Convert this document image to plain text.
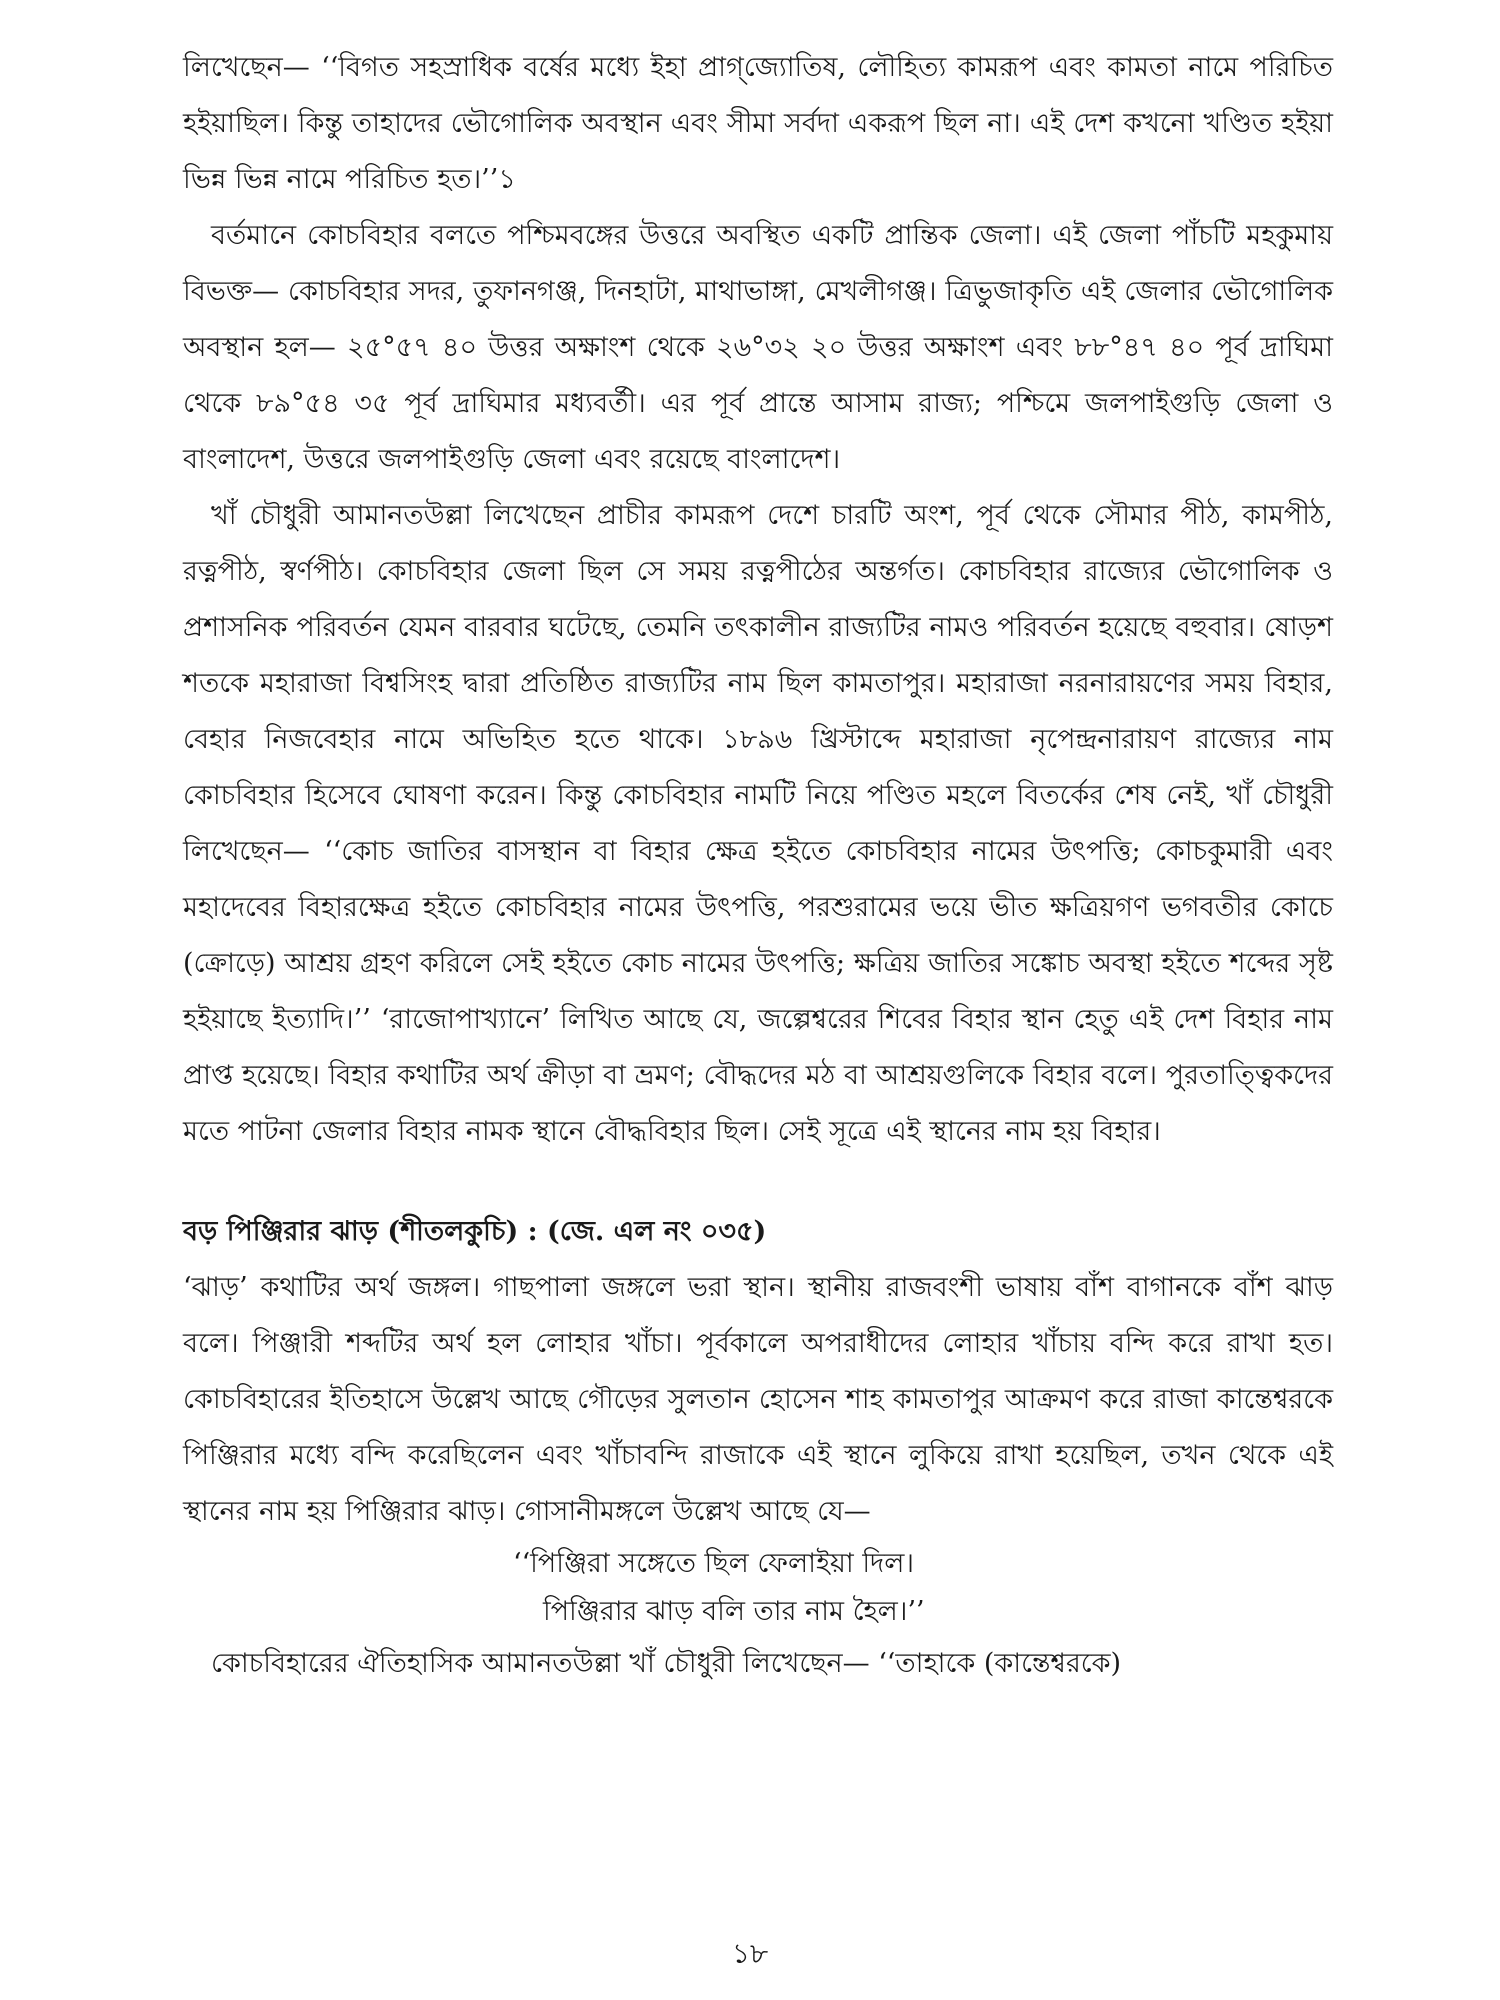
লিখেছেন— ‘‘বিগত সহস্রাধিক বর্ষের মধ্যে ইহা প্রাগ্‌জ্যোতিষ, লৌহিত্য কামরূপ এবং কামতা নামে পরিচিত হইয়াছিল। কিন্তু তাহাদের ভৌগোলিক অবস্থান এবং সীমা সর্বদা একরূপ ছিল না। এই দেশ কখনো খণ্ডিত হইয়া ভিন্ন ভিন্ন নামে পরিচিত হত।’’১

বর্তমানে কোচবিহার বলতে পশ্চিমবঙ্গের উত্তরে অবস্থিত একটি প্রান্তিক জেলা। এই জেলা পাঁচটি মহকুমায় বিভক্ত— কোচবিহার সদর, তুফানগঞ্জ, দিনহাটা, মাথাভাঙ্গা, মেখলীগঞ্জ। ত্রিভুজাকৃতি এই জেলার ভৌগোলিক অবস্থান হল— ২৫°৫৭ ৪০ উত্তর অক্ষাংশ থেকে ২৬°৩২ ২০ উত্তর অক্ষাংশ এবং ৮৮°৪৭ ৪০ পূর্ব দ্রাঘিমা থেকে ৮৯°৫৪ ৩৫ পূর্ব দ্রাঘিমার মধ্যবর্তী। এর পূর্ব প্রান্তে আসাম রাজ্য; পশ্চিমে জলপাইগুড়ি জেলা ও বাংলাদেশ, উত্তরে জলপাইগুড়ি জেলা এবং রয়েছে বাংলাদেশ।

খাঁ চৌধুরী আমানতউল্লা লিখেছেন প্রাচীর কামরূপ দেশে চারটি অংশ, পূর্ব থেকে সৌমার পীঠ, কামপীঠ, রত্নপীঠ, স্বর্ণপীঠ। কোচবিহার জেলা ছিল সে সময় রত্নপীঠের অন্তর্গত। কোচবিহার রাজ্যের ভৌগোলিক ও প্রশাসনিক পরিবর্তন যেমন বারবার ঘটেছে, তেমনি তৎকালীন রাজ্যটির নামও পরিবর্তন হয়েছে বহুবার। ষোড়শ শতকে মহারাজা বিশ্বসিংহ দ্বারা প্রতিষ্ঠিত রাজ্যটির নাম ছিল কামতাপুর। মহারাজা নরনারায়ণের সময় বিহার, বেহার নিজবেহার নামে অভিহিত হতে থাকে। ১৮৯৬ খ্রিস্টাব্দে মহারাজা নৃপেন্দ্রনারায়ণ রাজ্যের নাম কোচবিহার হিসেবে ঘোষণা করেন। কিন্তু কোচবিহার নামটি নিয়ে পণ্ডিত মহলে বিতর্কের শেষ নেই, খাঁ চৌধুরী লিখেছেন— ‘‘কোচ জাতির বাসস্থান বা বিহার ক্ষেত্র হইতে কোচবিহার নামের উৎপত্তি; কোচকুমারী এবং মহাদেবের বিহারক্ষেত্র হইতে কোচবিহার নামের উৎপত্তি, পরশুরামের ভয়ে ভীত ক্ষত্রিয়গণ ভগবতীর কোচে (ক্রোড়ে) আশ্রয় গ্রহণ করিলে সেই হইতে কোচ নামের উৎপত্তি; ক্ষত্রিয় জাতির সঙ্কোচ অবস্থা হইতে শব্দের সৃষ্ট হইয়াছে ইত্যাদি।’’ ‘রাজোপাখ্যানে’ লিখিত আছে যে, জল্পেশ্বরের শিবের বিহার স্থান হেতু এই দেশ বিহার নাম প্রাপ্ত হয়েছে। বিহার কথাটির অর্থ ক্রীড়া বা ভ্রমণ; বৌদ্ধদের মঠ বা আশ্রয়গুলিকে বিহার বলে। পুরতাত্ত্বিকদের মতে পাটনা জেলার বিহার নামক স্থানে বৌদ্ধবিহার ছিল। সেই সূত্রে এই স্থানের নাম হয় বিহার।

বড় পিঞ্জিরার ঝাড় (শীতলকুচি) : (জে. এল নং ০৩৫)

‘ঝাড়’ কথাটির অর্থ জঙ্গল। গাছপালা জঙ্গলে ভরা স্থান। স্থানীয় রাজবংশী ভাষায় বাঁশ বাগানকে বাঁশ ঝাড় বলে। পিঞ্জারী শব্দটির অর্থ হল লোহার খাঁচা। পূর্বকালে অপরাধীদের লোহার খাঁচায় বন্দি করে রাখা হত। কোচবিহারের ইতিহাসে উল্লেখ আছে গৌড়ের সুলতান হোসেন শাহ কামতাপুর আক্রমণ করে রাজা কান্তেশ্বরকে পিঞ্জিরার মধ্যে বন্দি করেছিলেন এবং খাঁচাবন্দি রাজাকে এই স্থানে লুকিয়ে রাখা হয়েছিল, তখন থেকে এই স্থানের নাম হয় পিঞ্জিরার ঝাড়। গোসানীমঙ্গলে উল্লেখ আছে যে—

‘‘পিঞ্জিরা সঙ্গেতে ছিল ফেলাইয়া দিল।
পিঞ্জিরার ঝাড় বলি তার নাম হৈল।’’

কোচবিহারের ঐতিহাসিক আমানতউল্লা খাঁ চৌধুরী লিখেছেন— ‘‘তাহাকে (কান্তেশ্বরকে)

১৮
